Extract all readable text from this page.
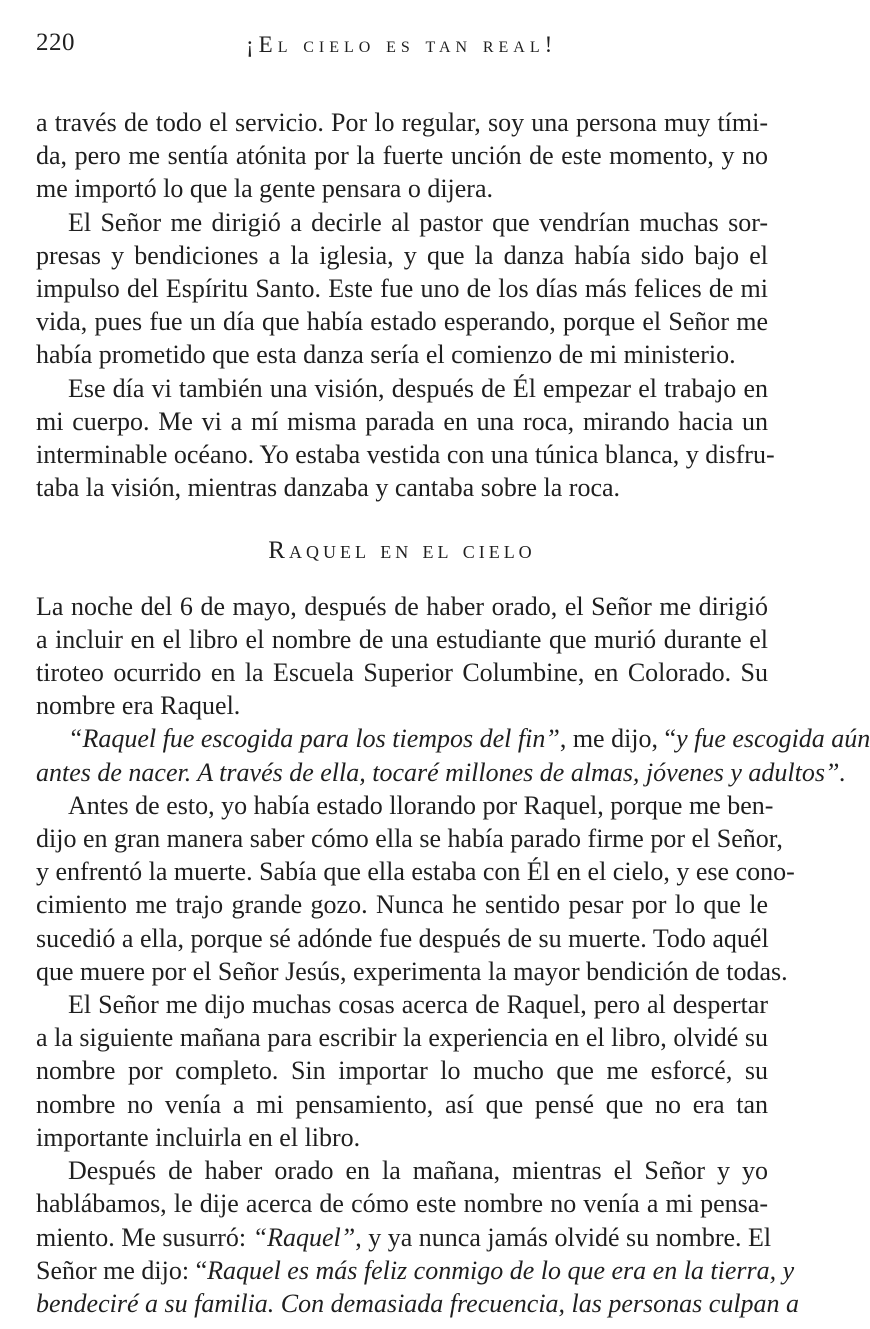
220	¡El cielo es tan real!
a través de todo el servicio. Por lo regular, soy una persona muy tími-
da, pero me sentía atónita por la fuerte unción de este momento, y no
me importó lo que la gente pensara o dijera.
El Señor me dirigió a decirle al pastor que vendrían muchas sor-
presas y bendiciones a la iglesia, y que la danza había sido bajo el
impulso del Espíritu Santo. Este fue uno de los días más felices de mi
vida, pues fue un día que había estado esperando, porque el Señor me
había prometido que esta danza sería el comienzo de mi ministerio.
Ese día vi también una visión, después de Él empezar el trabajo en
mi cuerpo. Me vi a mí misma parada en una roca, mirando hacia un
interminable océano. Yo estaba vestida con una túnica blanca, y disfru-
taba la visión, mientras danzaba y cantaba sobre la roca.
Raquel en el cielo
La noche del 6 de mayo, después de haber orado, el Señor me dirigió
a incluir en el libro el nombre de una estudiante que murió durante el
tiroteo ocurrido en la Escuela Superior Columbine, en Colorado. Su
nombre era Raquel.
“Raquel fue escogida para los tiempos del fin”, me dijo, “y fue escogida aún
antes de nacer. A través de ella, tocaré millones de almas, jóvenes y adultos”.
Antes de esto, yo había estado llorando por Raquel, porque me ben-
dijo en gran manera saber cómo ella se había parado firme por el Señor,
y enfrentó la muerte. Sabía que ella estaba con Él en el cielo, y ese cono-
cimiento me trajo grande gozo. Nunca he sentido pesar por lo que le
sucedió a ella, porque sé adónde fue después de su muerte. Todo aquél
que muere por el Señor Jesús, experimenta la mayor bendición de todas.
El Señor me dijo muchas cosas acerca de Raquel, pero al despertar
a la siguiente mañana para escribir la experiencia en el libro, olvidé su
nombre por completo. Sin importar lo mucho que me esforcé, su
nombre no venía a mi pensamiento, así que pensé que no era tan
importante incluirla en el libro.
Después de haber orado en la mañana, mientras el Señor y yo
hablábamos, le dije acerca de cómo este nombre no venía a mi pensa-
miento. Me susurró: “Raquel”, y ya nunca jamás olvidé su nombre. El
Señor me dijo: “Raquel es más feliz conmigo de lo que era en la tierra, y
bendeciré a su familia. Con demasiada frecuencia, las personas culpan a
